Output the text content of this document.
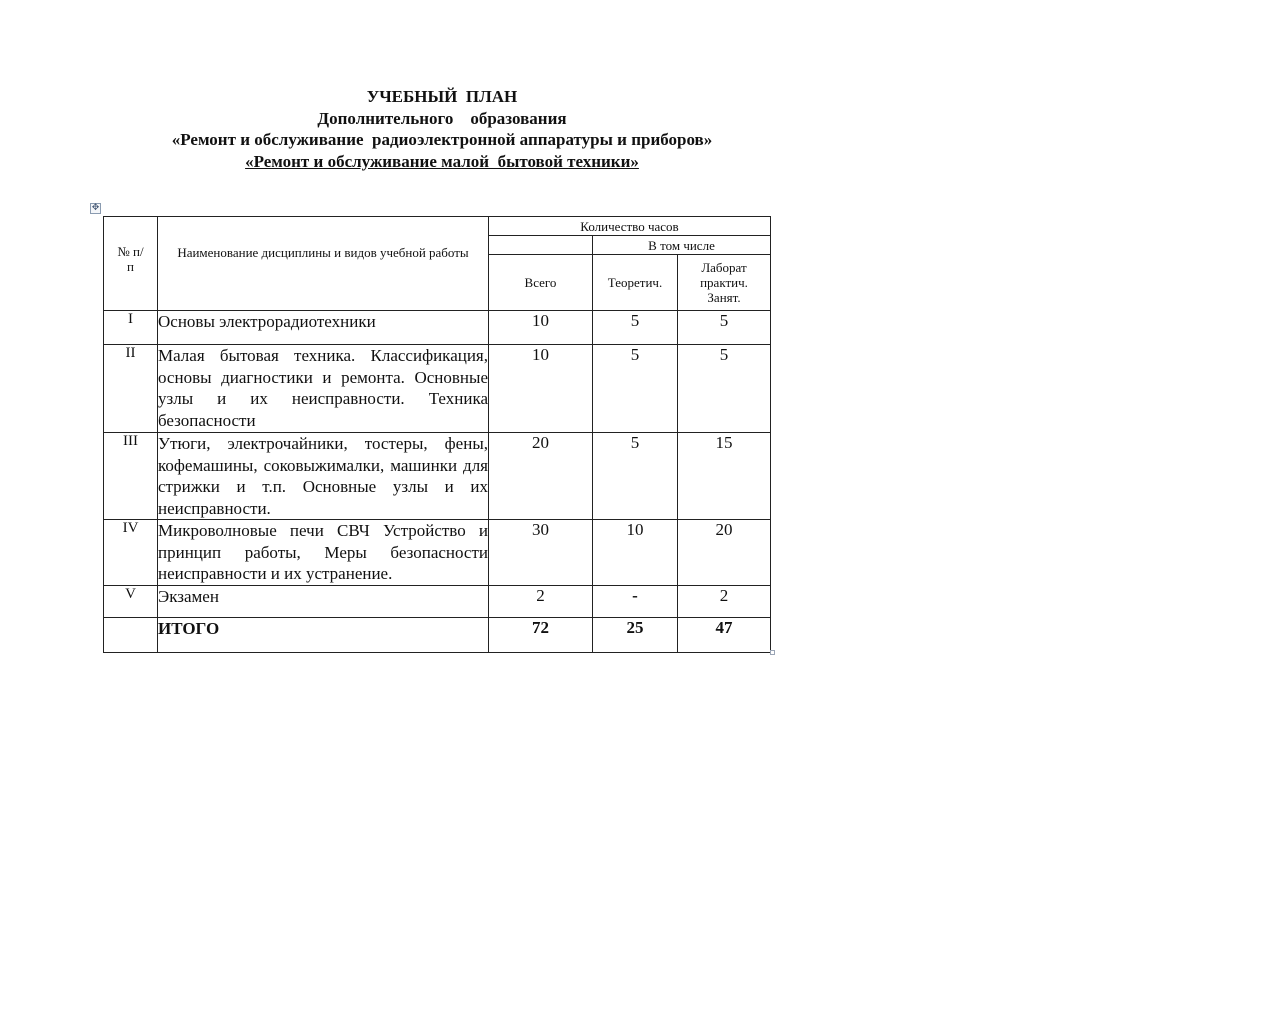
УЧЕБНЫЙ  ПЛАН
Дополнительного    образования
«Ремонт и обслуживание  радиоэлектронной аппаратуры и приборов»
«Ремонт и обслуживание малой  бытовой техники»
✥
№ п/п	Наименование дисциплины и видов учебной работы	Количество часов		
			В том числе	
		Всего	Теоретич.	Лаборат практич. Занят.

I	Основы электрорадиотехники	10	5	5
II	Малая бытовая техника. Классификация, основы диагностики и ремонта. Основные узлы и их неисправности. Техника безопасности	10	5	5
III	Утюги, электрочайники, тостеры, фены, кофемашины, соковыжималки, машинки для стрижки и т.п. Основные узлы и их неисправности.	20	5	15
IV	Микроволновые печи СВЧ Устройство и принцип работы, Меры безопасности неисправности и их устранение.	30	10	20
V	Экзамен	2	-	2
	ИТОГО	72	25	47
